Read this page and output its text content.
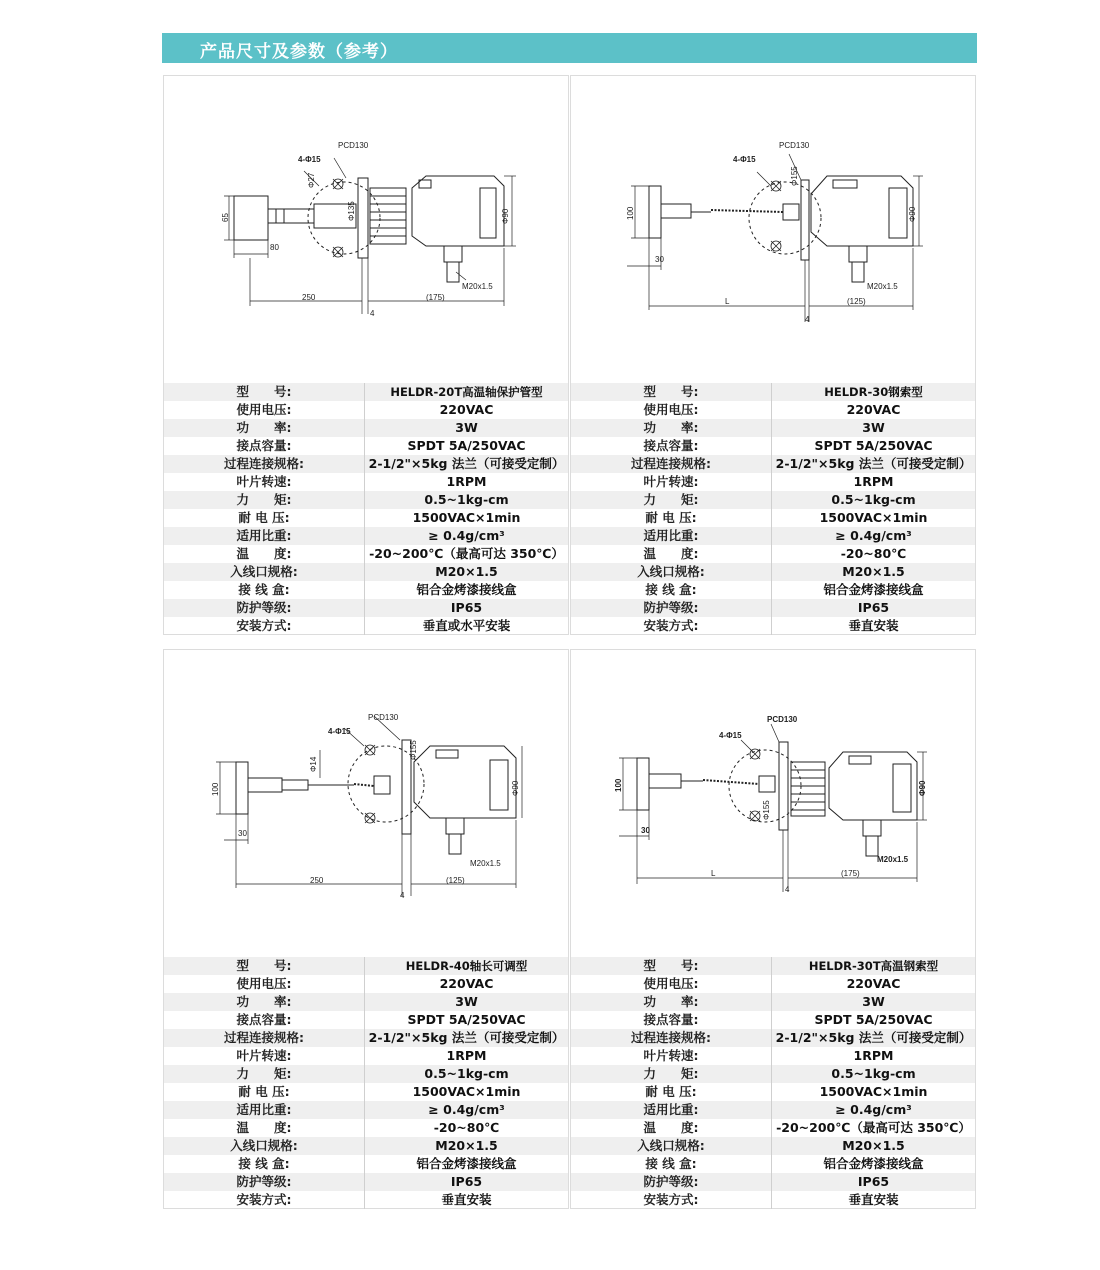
产品尺寸及参数（参考）
PCD130
4-Φ15
Φ27
Φ135	Φ90
65
80
250	(175)
4
M20x1.5
型　　号:	HELDR-20T高温轴保护管型
使用电压:	220VAC
功　　率:	3W
接点容量:	SPDT 5A/250VAC
过程连接规格:	2-1/2"×5kg 法兰（可接受定制）
叶片转速:	1RPM
力　　矩:	0.5~1kg-cm
耐 电 压:	1500VAC×1min
适用比重:	≥ 0.4g/cm³
温　　度:	-20~200℃（最高可达 350℃）
入线口规格:	M20×1.5
接 线 盒:	铝合金烤漆接线盒
防护等级:	IP65
安装方式:	垂直或水平安装
PCD130
4-Φ15
Φ155
Φ90
100
30
L	(125)
4
M20x1.5
型　　号:	HELDR-30钢索型
使用电压:	220VAC
功　　率:	3W
接点容量:	SPDT 5A/250VAC
过程连接规格:	2-1/2"×5kg 法兰（可接受定制）
叶片转速:	1RPM
力　　矩:	0.5~1kg-cm
耐 电 压:	1500VAC×1min
适用比重:	≥ 0.4g/cm³
温　　度:	-20~80℃
入线口规格:	M20×1.5
接 线 盒:	铝合金烤漆接线盒
防护等级:	IP65
安装方式:	垂直安装
PCD130
4-Φ15
Φ14
Φ155
Φ90
100
30
250	(125)
4
M20x1.5
型　　号:	HELDR-40轴长可调型
使用电压:	220VAC
功　　率:	3W
接点容量:	SPDT 5A/250VAC
过程连接规格:	2-1/2"×5kg 法兰（可接受定制）
叶片转速:	1RPM
力　　矩:	0.5~1kg-cm
耐 电 压:	1500VAC×1min
适用比重:	≥ 0.4g/cm³
温　　度:	-20~80℃
入线口规格:	M20×1.5
接 线 盒:	铝合金烤漆接线盒
防护等级:	IP65
安装方式:	垂直安装
PCD130
4-Φ15
Φ155
Φ90
100
30
L	(175)
4
M20x1.5
型　　号:	HELDR-30T高温钢索型
使用电压:	220VAC
功　　率:	3W
接点容量:	SPDT 5A/250VAC
过程连接规格:	2-1/2"×5kg 法兰（可接受定制）
叶片转速:	1RPM
力　　矩:	0.5~1kg-cm
耐 电 压:	1500VAC×1min
适用比重:	≥ 0.4g/cm³
温　　度:	-20~200℃（最高可达 350℃）
入线口规格:	M20×1.5
接 线 盒:	铝合金烤漆接线盒
防护等级:	IP65
安装方式:	垂直安装
